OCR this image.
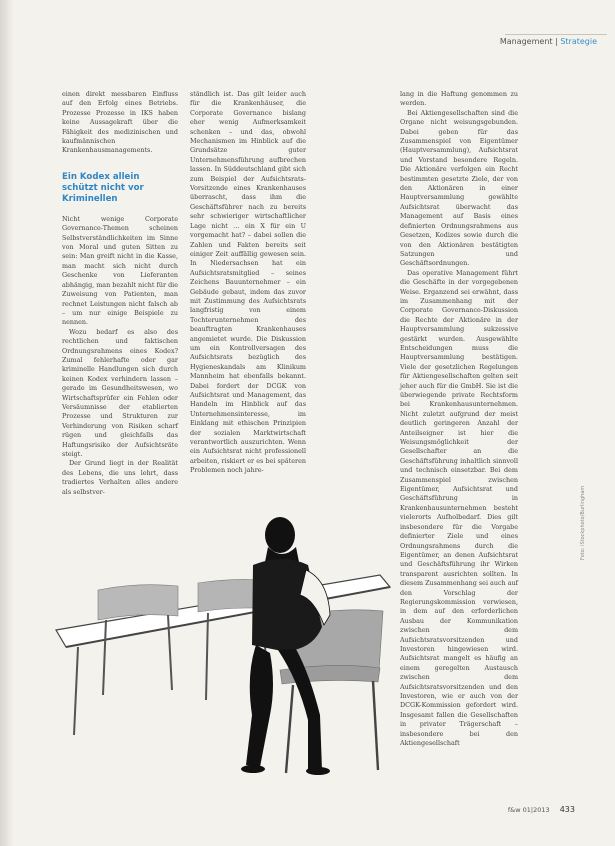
Management | Strategie

einen direkt messbaren Einfluss auf den Erfolg eines Betriebs. Prozesse Prozesse in IKS haben keine Aussagekraft über die Fähigkeit des medizinischen und kaufmännischen Krankenhausmanagements.

Ein Kodex allein schützt nicht vor Kriminellen

Nicht wenige Corporate Governance-Themen scheinen Selbstverständlichkeiten im Sinne von Moral und guten Sitten zu sein: Man greift nicht in die Kasse, man macht sich nicht durch Geschenke von Lieferanten abhängig, man bezahlt nicht für die Zuweisung von Patienten, man rechnet Leistungen nicht falsch ab – um nur einige Beispiele zu nennen.

Wozu bedarf es also des rechtlichen und faktischen Ordnungsrahmens eines Kodex? Zumal fehlerhafte oder gar kriminelle Handlungen sich durch keinen Kodex verhindern lassen – gerade im Gesundheitswesen, wo Wirtschaftsprüfer ein Fehlen oder Versäumnisse der etablierten Prozesse und Strukturen zur Verhinderung von Risiken scharf rügen und gleichfalls das Haftungsrisiko der Aufsichtsräte steigt.

Der Grund liegt in der Realität des Lebens, die uns lehrt, dass tradiertes Verhalten alles andere als selbstver-

ständlich ist. Das gilt leider auch für die Krankenhäuser, die Corporate Governance bislang eher wenig Aufmerksamkeit schenken – und das, obwohl Mechanismen im Hinblick auf die Grundsätze guter Unternehmensführung aufbrechen lassen. In Süddeutschland gibt sich zum Beispiel der Aufsichtsrats-Vorsitzende eines Krankenhauses überrascht, dass ihm die Geschäftsführer nach zu bereits sehr schwieriger wirtschaftlicher Lage nicht … ein X für ein U vorgemacht hat? – dabei sollen die Zahlen und Fakten bereits seit einiger Zeit auffällig gewesen sein. In Niedersachsen hat ein Aufsichtsratsmitglied – seines Zeichens Bauunternehmer – ein Gebäude gebaut, indem das zuvor mit Zustimmung des Aufsichtsrats langfristig von einem Tochterunternehmen des beauftragten Krankenhauses angemietet wurde. Die Diskussion um ein Kontrollversagen des Aufsichtsrats bezüglich des Hygieneskandals am Klinikum Mannheim hat ebenfalls bekannt. Dabei fordert der DCGK von Aufsichtsrat und Management, das Handeln im Hinblick auf das Unternehmensinteresse, im Einklang mit ethischen Prinzipien der sozialen Marktwirtschaft verantwortlich auszurichten. Wenn ein Aufsichtsrat nicht professionell arbeiten, riskiert er es bei späteren Problemen noch jahre-

lang in die Haftung genommen zu werden.

Bei Aktiengesellschaften sind die Organe nicht weisungsgebunden. Dabei geben für das Zusammenspiel von Eigentümer (Hauptversammlung), Aufsichtsrat und Vorstand besondere Regeln. Die Aktionäre verfolgen ein Recht bestimmten gesetzte Ziele, der von den Aktionären in einer Hauptversammlung gewählte Aufsichtsrat überwacht das Management auf Basis eines definierten Ordnungsrahmens aus Gesetzen, Kodizes sowie durch die von den Aktionären bestätigten Satzungen und Geschäftsordnungen.

Das operative Management führt die Geschäfte in der vorgegebenen Weise. Erganzend sei erwähnt, dass im Zusammenhang mit der Corporate Governance-Diskussion die Rechte der Aktionäre in der Hauptversammlung sukzessive gestärkt wurden. Ausgewählte Entscheidungen muss die Hauptversammlung bestätigen. Viele der gesetzlichen Regelungen für Aktiengesellschaften gelten seit jeher auch für die GmbH. Sie ist die überwiegende private Rechtsform bei Krankenhausunternehmen. Nicht zuletzt aufgrund der meist deutlich geringeren Anzahl der Anteilseigner ist hier die Weisungsmöglichkeit der Gesellschafter an die Geschäftsführung inhaltlich sinnvoll und technisch einsetzbar. Bei dem Zusammenspiel zwischen Eigentümer, Aufsichtsrat und Geschäftsführung in Krankenhausunternehmen besteht vielerorts Aufholbedarf. Dies gilt insbesondere für die Vorgabe definierter Ziele und eines Ordnungsrahmens durch die Eigentümer, an denen Aufsichtsrat und Geschäftsführung ihr Wirken transparent ausrichten sollten. In diesem Zusammenhang sei auch auf den Vorschlag der Regierungskommission verwiesen, in dem auf den erforderlichen Ausbau der Kommunikation zwischen dem Aufsichtsratsvorsitzenden und Investoren hingewiesen wird. Aufsichtsrat mangelt es häufig an einem geregelten Austausch zwischen dem Aufsichtsratsvorsitzenden und den Investoren, wie er auch von der DCGK-Kommission gefordert wird. Insgesamt fallen die Gesellschaften in privater Trägerschaft – insbesondere bei den Aktiengesellschaft

Foto: iStockphoto/Burlingham
f&w 01|2013 433
